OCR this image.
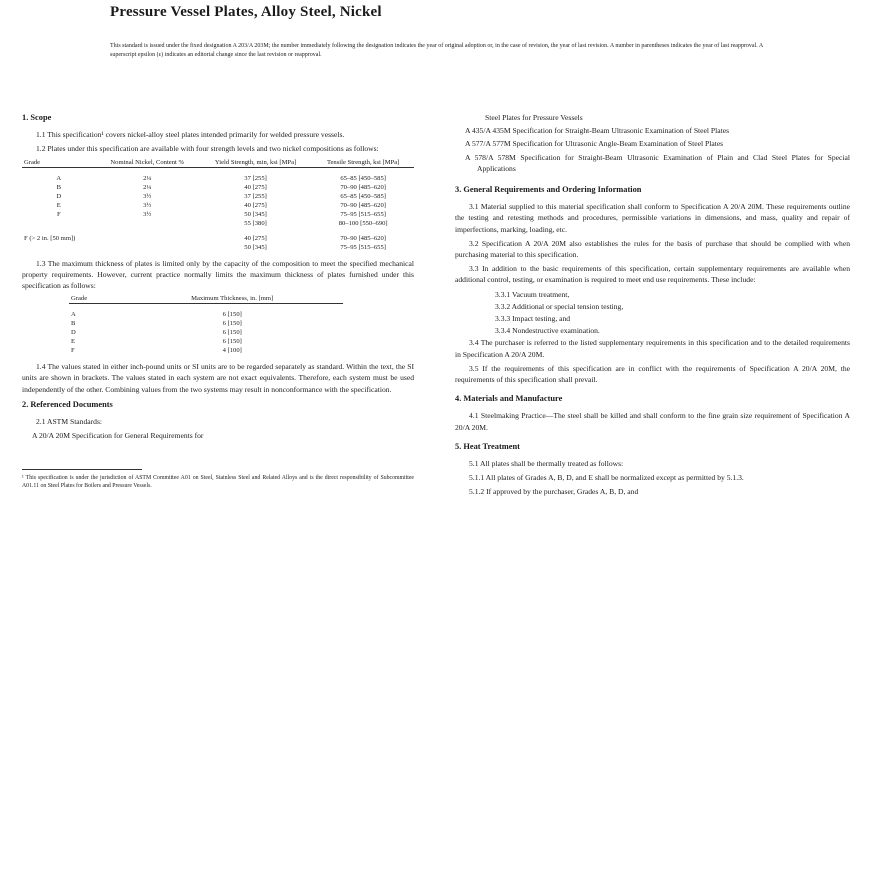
Pressure Vessel Plates, Alloy Steel, Nickel
This standard is issued under the fixed designation A 203/A 203M; the number immediately following the designation indicates the year of original adoption or, in the case of revision, the year of last revision. A number in parentheses indicates the year of last reapproval. A superscript epsilon (ε) indicates an editorial change since the last revision or reapproval.
1. Scope
1.1 This specification¹ covers nickel-alloy steel plates intended primarily for welded pressure vessels.
1.2 Plates under this specification are available with four strength levels and two nickel compositions as follows:
Grade	Nominal Nickel, Content %	Yield Strength, min, ksi [MPa]	Tensile Strength, ksi [MPa]

A	2¼	37 [255]	65–85 [450–585]
B	2¼	40 [275]	70–90 [485–620]
D	3½	37 [255]	65–85 [450–585]
E	3½	40 [275]	70–90 [485–620]
F	3½	50 [345]	75–95 [515–655]
		55 [380]	80–100 [550–690]

F (> 2 in. [50 mm])		40 [275]	70–90 [485–620]
		50 [345]	75–95 [515–655]
1.3 The maximum thickness of plates is limited only by the capacity of the composition to meet the specified mechanical property requirements. However, current practice normally limits the maximum thickness of plates furnished under this specification as follows:
Grade	Maximum Thickness, in. [mm]

A	6 [150]
B	6 [150]
D	6 [150]
E	6 [150]
F	4 [100]
1.4 The values stated in either inch-pound units or SI units are to be regarded separately as standard. Within the text, the SI units are shown in brackets. The values stated in each system are not exact equivalents. Therefore, each system must be used independently of the other. Combining values from the two systems may result in nonconformance with the specification.
2. Referenced Documents
2.1 ASTM Standards:
A 20/A 20M Specification for General Requirements for
¹ This specification is under the jurisdiction of ASTM Committee A01 on Steel, Stainless Steel and Related Alloys and is the direct responsibility of Subcommittee A01.11 on Steel Plates for Boilers and Pressure Vessels.
Steel Plates for Pressure Vessels
A 435/A 435M Specification for Straight-Beam Ultrasonic Examination of Steel Plates
A 577/A 577M Specification for Ultrasonic Angle-Beam Examination of Steel Plates
A 578/A 578M Specification for Straight-Beam Ultrasonic Examination of Plain and Clad Steel Plates for Special Applications
3. General Requirements and Ordering Information
3.1 Material supplied to this material specification shall conform to Specification A 20/A 20M. These requirements outline the testing and retesting methods and procedures, permissible variations in dimensions, and mass, quality and repair of imperfections, marking, loading, etc.
3.2 Specification A 20/A 20M also establishes the rules for the basis of purchase that should be complied with when purchasing material to this specification.
3.3 In addition to the basic requirements of this specification, certain supplementary requirements are available when additional control, testing, or examination is required to meet end use requirements. These include:
3.3.1 Vacuum treatment,
3.3.2 Additional or special tension testing,
3.3.3 Impact testing, and
3.3.4 Nondestructive examination.
3.4 The purchaser is referred to the listed supplementary requirements in this specification and to the detailed requirements in Specification A 20/A 20M.
3.5 If the requirements of this specification are in conflict with the requirements of Specification A 20/A 20M, the requirements of this specification shall prevail.
4. Materials and Manufacture
4.1 Steelmaking Practice—The steel shall be killed and shall conform to the fine grain size requirement of Specification A 20/A 20M.
5. Heat Treatment
5.1 All plates shall be thermally treated as follows:
5.1.1 All plates of Grades A, B, D, and E shall be normalized except as permitted by 5.1.3.
5.1.2 If approved by the purchaser, Grades A, B, D, and
